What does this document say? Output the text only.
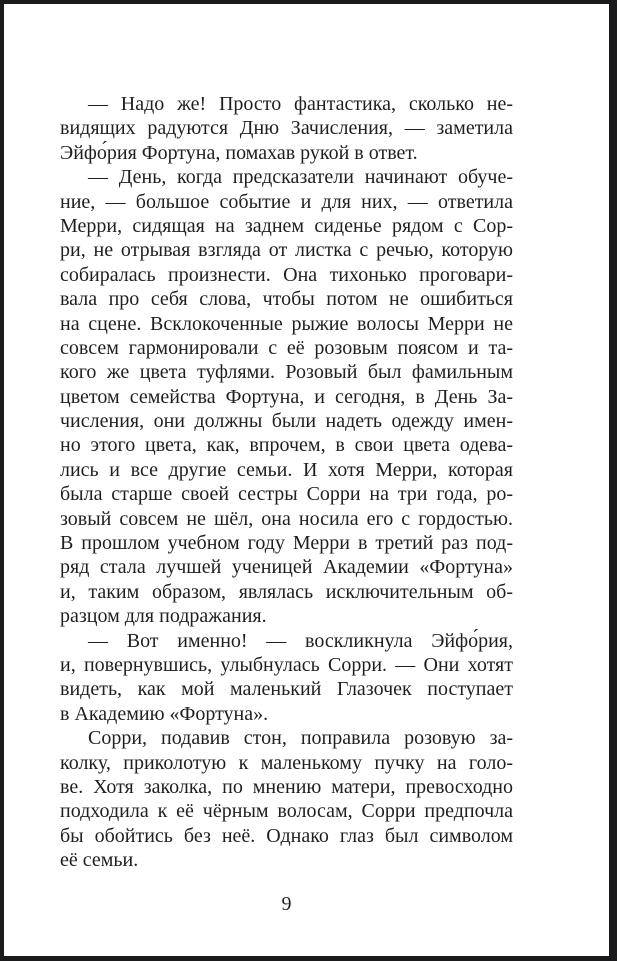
— Надо же! Просто фантастика, сколько не-
видящих радуются Дню Зачисления, — заметила
Эйфо́рия Фортуна, помахав рукой в ответ.
— День, когда предсказатели начинают обуче-
ние, — большое событие и для них, — ответила
Мерри, сидящая на заднем сиденье рядом с Сор-
ри, не отрывая взгляда от листка с речью, которую
собиралась произнести. Она тихонько проговари-
вала про себя слова, чтобы потом не ошибиться
на сцене. Всклокоченные рыжие волосы Мерри не
совсем гармонировали с её розовым поясом и та-
кого же цвета туфлями. Розовый был фамильным
цветом семейства Фортуна, и сегодня, в День За-
числения, они должны были надеть одежду имен-
но этого цвета, как, впрочем, в свои цвета одева-
лись и все другие семьи. И хотя Мерри, которая
была старше своей сестры Сорри на три года, ро-
зовый совсем не шёл, она носила его с гордостью.
В прошлом учебном году Мерри в третий раз под-
ряд стала лучшей ученицей Академии «Фортуна»
и, таким образом, являлась исключительным об-
разцом для подражания.
— Вот именно! — воскликнула Эйфо́рия,
и, повернувшись, улыбнулась Сорри. — Они хотят
видеть, как мой маленький Глазочек поступает
в Академию «Фортуна».
Сорри, подавив стон, поправила розовую за-
колку, приколотую к маленькому пучку на голо-
ве. Хотя заколка, по мнению матери, превосходно
подходила к её чёрным волосам, Сорри предпочла
бы обойтись без неё. Однако глаз был символом
её семьи.
9
